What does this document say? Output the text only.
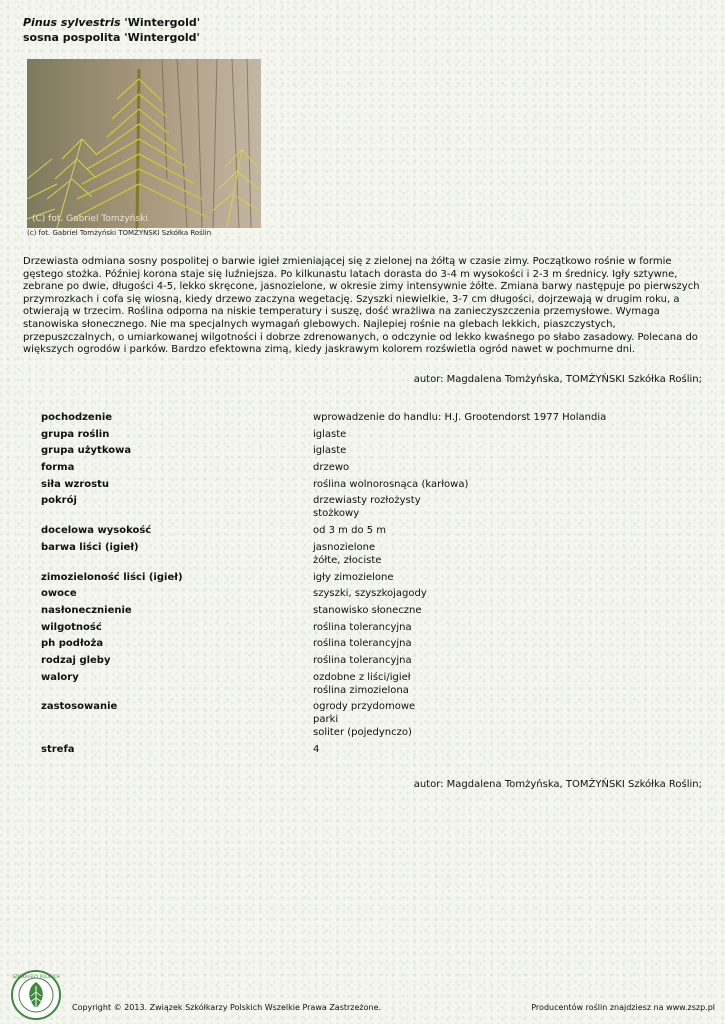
Pinus sylvestris 'Wintergold'
sosna pospolita 'Wintergold'
(C) fot. Gabriel Tomżyński
(c) fot. Gabriel Tomżyński TOMŻYŃSKI Szkółka Roślin
Drzewiasta odmiana sosny pospolitej o barwie igieł zmieniającej się z zielonej na żółtą w czasie zimy. Początkowo rośnie w formie gęstego stożka. Później korona staje się luźniejsza. Po kilkunastu latach dorasta do 3-4 m wysokości i 2-3 m średnicy. Igły sztywne, zebrane po dwie, długości 4-5, lekko skręcone, jasnozielone, w okresie zimy intensywnie żółte. Zmiana barwy następuje po pierwszych przymrozkach i cofa się wiosną, kiedy drzewo zaczyna wegetację. Szyszki niewielkie, 3-7 cm długości, dojrzewają w drugim roku, a otwierają w trzecim. Roślina odporna na niskie temperatury i suszę, dość wrażliwa na zanieczyszczenia przemysłowe. Wymaga stanowiska słonecznego. Nie ma specjalnych wymagań glebowych. Najlepiej rośnie na glebach lekkich, piaszczystych, przepuszczalnych, o umiarkowanej wilgotności i dobrze zdrenowanych, o odczynie od lekko kwaśnego po słabo zasadowy. Polecana do większych ogrodów i parków. Bardzo efektowna zimą, kiedy jaskrawym kolorem rozświetla ogród nawet w pochmurne dni.
autor: Magdalena Tomżyńska, TOMŻYŃSKI Szkółka Roślin;
pochodzenie	wprowadzenie do handlu: H.J. Grootendorst 1977 Holandia
grupa roślin	iglaste
grupa użytkowa	iglaste
forma	drzewo
siła wzrostu	roślina wolnorosnąca (karłowa)
pokrój	drzewiasty rozłożysty
stożkowy
docelowa wysokość	od 3 m do 5 m
barwa liści (igieł)	jasnozielone
żółte, złociste
zimozieloność liści (igieł)	igły zimozielone
owoce	szyszki, szyszkojagody
nasłonecznienie	stanowisko słoneczne
wilgotność	roślina tolerancyjna
ph podłoża	roślina tolerancyjna
rodzaj gleby	roślina tolerancyjna
walory	ozdobne z liści/igieł
roślina zimozielona
zastosowanie	ogrody przydomowe
parki
soliter (pojedynczo)
strefa	4
autor: Magdalena Tomżyńska, TOMŻYŃSKI Szkółka Roślin;
SZKÓŁKARZY POLSKICH
Copyright © 2013. Związek Szkółkarzy Polskich Wszelkie Prawa Zastrzeżone.	Producentów roślin znajdziesz na www.zszp.pl
